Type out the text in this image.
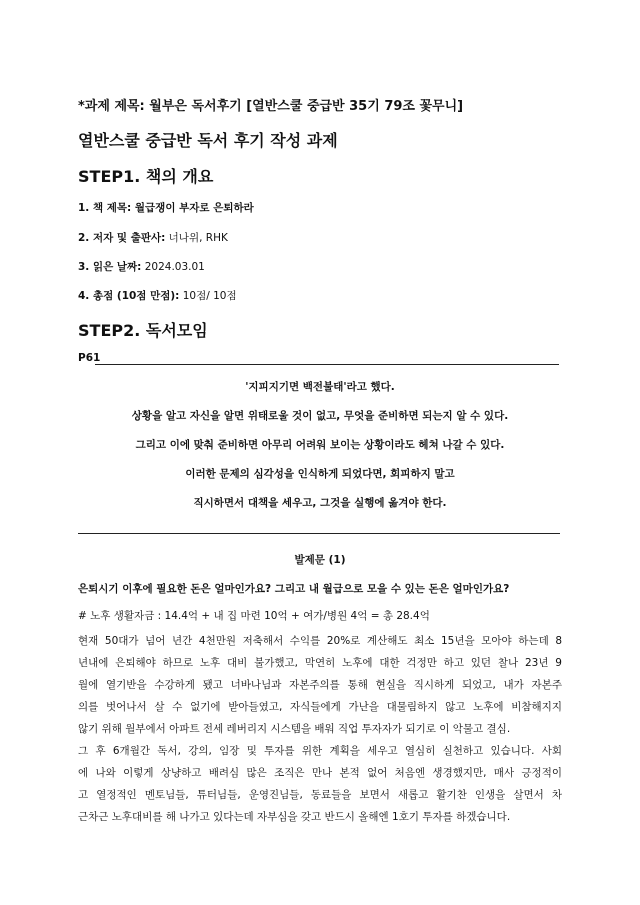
*과제 제목: 월부은 독서후기 [열반스쿨 중급반 35기 79조 꽃무니]
열반스쿨 중급반 독서 후기 작성 과제
STEP1. 책의 개요
1. 책 제목: 월급쟁이 부자로 은퇴하라
2. 저자 및 출판사: 너나위, RHK
3. 읽은 날짜: 2024.03.01
4. 총점 (10점 만점): 10점/ 10점
STEP2. 독서모임
P61
'지피지기면 백전불태'라고 했다.
상황을 알고 자신을 알면 위태로울 것이 없고, 무엇을 준비하면 되는지 알 수 있다.
그리고 이에 맞춰 준비하면 아무리 어려워 보이는 상황이라도 헤쳐 나갈 수 있다.
이러한 문제의 심각성을 인식하게 되었다면, 회피하지 말고
직시하면서 대책을 세우고, 그것을 실행에 옮겨야 한다.
발제문 (1)
은퇴시기 이후에 필요한 돈은 얼마인가요? 그리고 내 월급으로 모을 수 있는 돈은 얼마인가요?
# 노후 생활자금 : 14.4억 + 내 집 마련 10억 + 여가/병원 4억 = 총 28.4억
현재 50대가 넘어 년간 4천만원 저축해서 수익를 20%로 계산해도 최소 15년을 모아야 하는데 8
년내에 은퇴해야 하므로 노후 대비 불가했고, 막연히 노후에 대한 걱정만 하고 있던 찰나 23년 9
월에 열기반을 수강하게 됐고 너바나님과 자본주의를 통해 현실을 직시하게 되었고, 내가 자본주
의를 벗어나서 살 수 없기에 받아들였고, 자식들에게 가난을 대물림하지 않고 노후에 비참해지지
않기 위해 월부에서 아파트 전세 레버리지 시스템을 배워 직업 투자자가 되기로 이 악물고 결심.
그 후 6개월간 독서, 강의, 임장 및 투자를 위한 계획을 세우고 열심히 실천하고 있습니다. 사회
에 나와 이렇게 상냥하고 배려심 많은 조직은 만나 본적 없어 처음엔 생경했지만, 매사 긍정적이
고 열정적인 멘토님들, 튜터님들, 운영진님들, 동료들을 보면서 새롭고 활기찬 인생을 살면서 차
근차근 노후대비를 해 나가고 있다는데 자부심을 갖고 반드시 올해엔 1호기 투자를 하겠습니다.
